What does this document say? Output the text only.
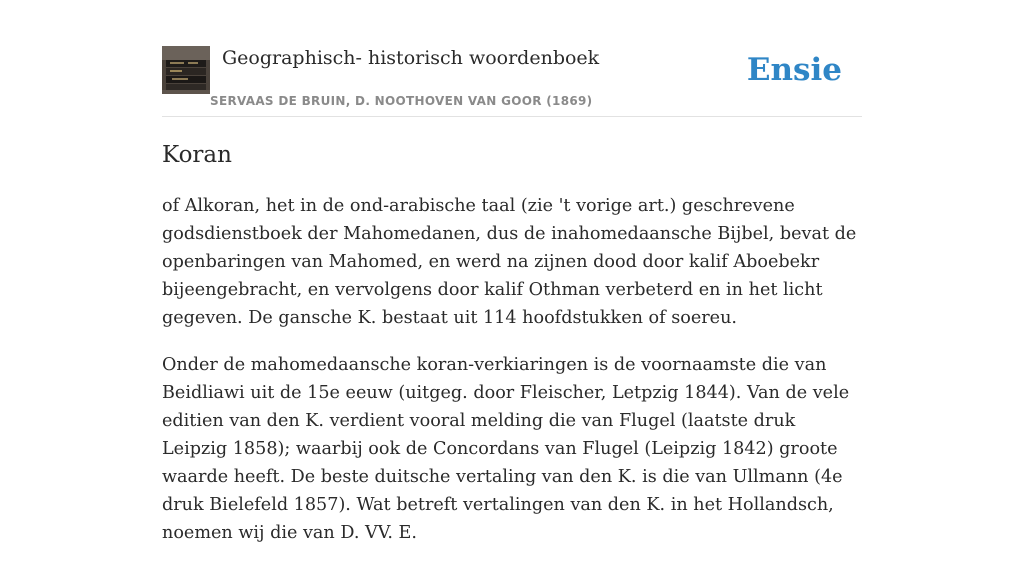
Geographisch- historisch woordenboek
SERVAAS DE BRUIN, D. NOOTHOVEN VAN GOOR (1869)
Ensie
Koran

of Alkoran, het in de ond-arabische taal (zie 't vorige art.) geschrevene godsdienstboek der Mahomedanen, dus de inahomedaansche Bijbel, bevat de openbaringen van Mahomed, en werd na zijnen dood door kalif Aboebekr bijeengebracht, en vervolgens door kalif Othman verbeterd en in het licht gegeven. De gansche K. bestaat uit 114 hoofdstukken of soereu.

Onder de mahomedaansche koran-verkiaringen is de voornaamste die van Beidliawi uit de 15e eeuw (uitgeg. door Fleischer, Letpzig 1844). Van de vele editien van den K. verdient vooral melding die van Flugel (laatste druk Leipzig 1858); waarbij ook de Concordans van Flugel (Leipzig 1842) groote waarde heeft. De beste duitsche vertaling van den K. is die van Ullmann (4e druk Bielefeld 1857). Wat betreft vertalingen van den K. in het Hollandsch, noemen wij die van D. VV. E.
